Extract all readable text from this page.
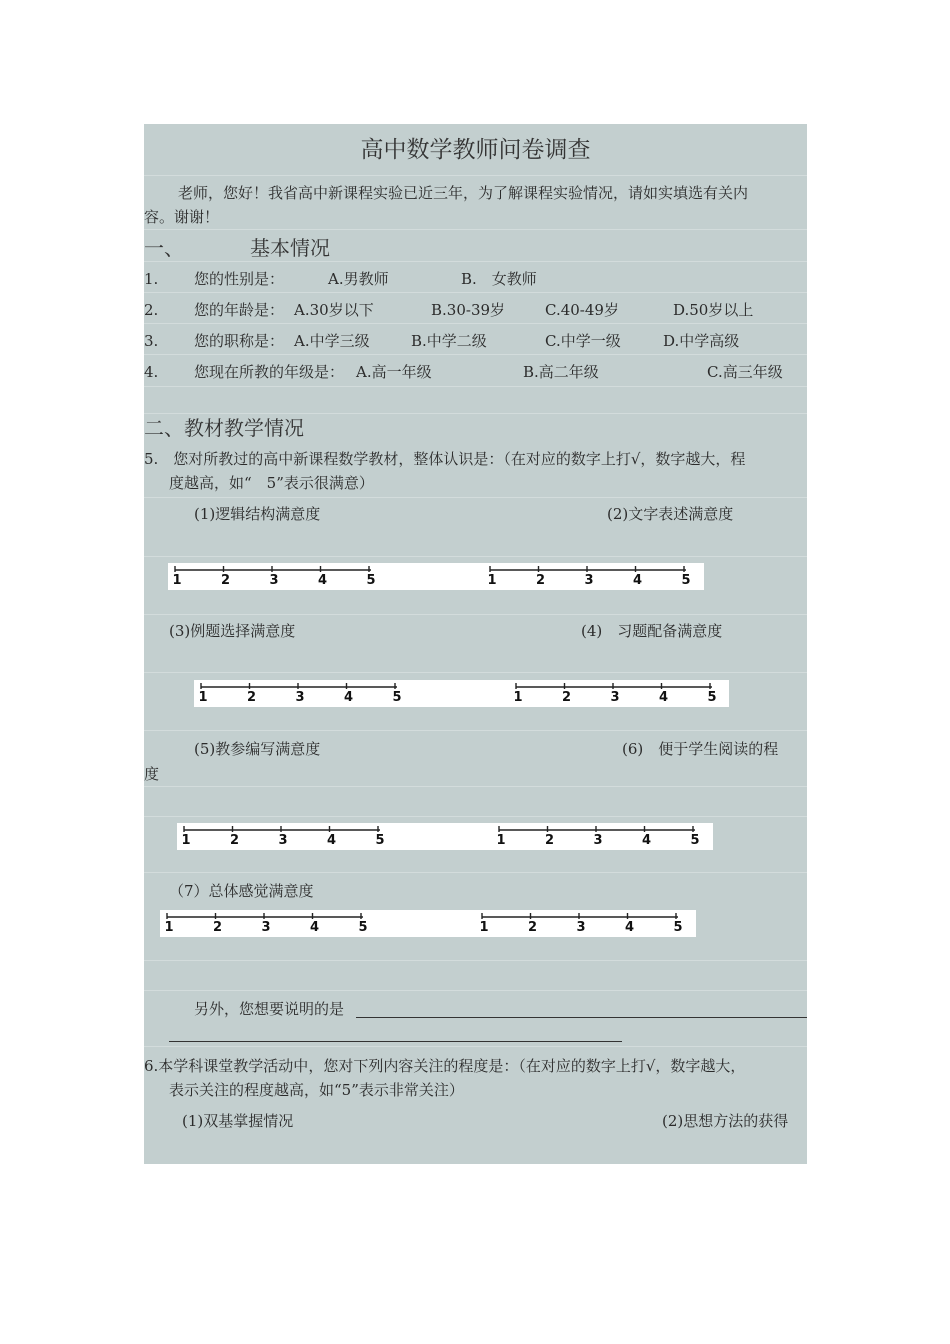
高中数学教师问卷调查
老师，您好！我省高中新课程实验已近三年，为了解课程实验情况，请如实填选有关内
容。谢谢！
一、	基本情况
1. 您的性别是：	A.男教师	B.　女教师
2. 您的年龄是： A.30岁以下	B.30-39岁	C.40-49岁	D.50岁以上
3. 您的职称是： A.中学三级	B.中学二级	C.中学一级	D.中学高级
4. 您现在所教的年级是： A.高一年级	B.高二年级	C.高三年级
二、教材教学情况
5.　您对所教过的高中新课程数学教材，整体认识是：（在对应的数字上打√，数字越大，程
度越高，如“　5”表示很满意）
(1)逻辑结构满意度	(2)文字表述满意度
1	2	3	4	5	1	2	3	4	5
(3)例题选择满意度	(4)　习题配备满意度
1	2	3	4	5	1	2	3	4	5
(5)教参编写满意度	(6)　便于学生阅读的程
度
1	2	3	4	5	1	2	3	4	5
（7）总体感觉满意度
1	2	3	4	5	1	2	3	4	5
另外，您想要说明的是
6.本学科课堂教学活动中，您对下列内容关注的程度是：（在对应的数字上打√，数字越大，
表示关注的程度越高，如“5”表示非常关注）
(1)双基掌握情况	(2)思想方法的获得
